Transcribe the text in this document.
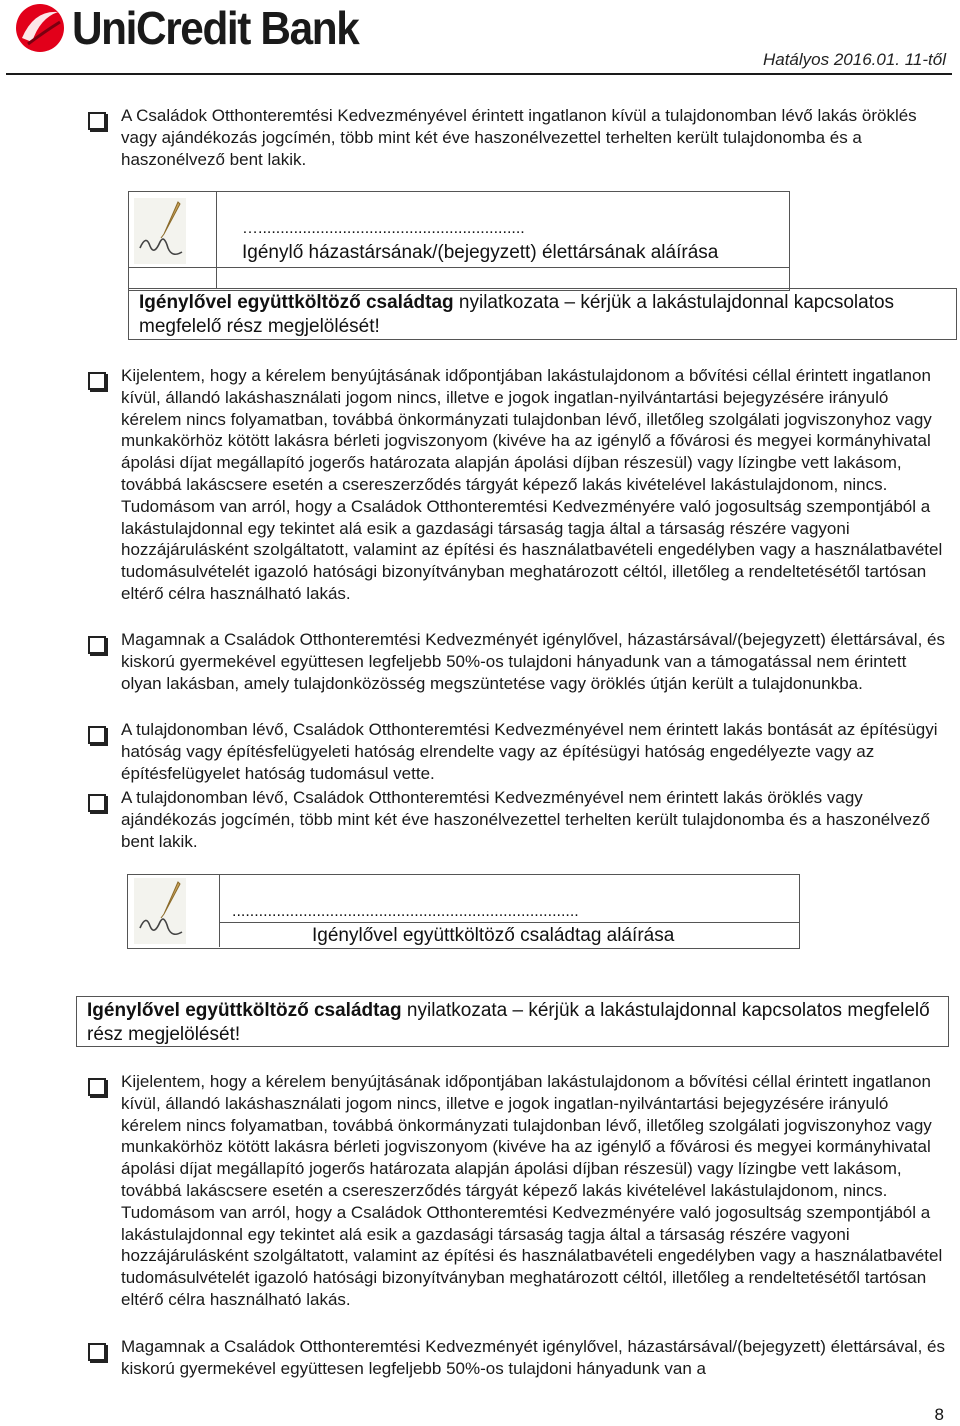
UniCredit Bank
Hatályos 2016.01. 11-től
A Családok Otthonteremtési Kedvezményével érintett ingatlanon kívül a tulajdonomban lévő lakás öröklés vagy ajándékozás jogcímén, több mint két éve haszonélvezettel terhelten került tulajdonomba és a haszonélvező bent lakik.
…............................................................
Igénylő házastársának/(bejegyzett) élettársának aláírása
Igénylővel együttköltöző családtag nyilatkozata – kérjük a lakástulajdonnal kapcsolatos megfelelő rész megjelölését!
Kijelentem, hogy a kérelem benyújtásának időpontjában lakástulajdonom a bővítési céllal érintett ingatlanon kívül, állandó lakáshasználati jogom nincs, illetve e jogok ingatlan-nyilvántartási bejegyzésére irányuló kérelem nincs folyamatban, továbbá önkormányzati tulajdonban lévő, illetőleg szolgálati jogviszonyhoz vagy munkakörhöz kötött lakásra bérleti jogviszonyom (kivéve ha az igénylő a fővárosi és megyei kormányhivatal ápolási díjat megállapító jogerős határozata alapján ápolási díjban részesül) vagy lízingbe vett lakásom, továbbá lakáscsere esetén a csereszerződés tárgyát képező lakás kivételével lakástulajdonom, nincs. Tudomásom van arról, hogy a Családok Otthonteremtési Kedvezményére való jogosultság szempontjából a lakástulajdonnal egy tekintet alá esik a gazdasági társaság tagja által a társaság részére vagyoni hozzájárulásként szolgáltatott, valamint az építési és használatbavételi engedélyben vagy a használatbavétel tudomásulvételét igazoló hatósági bizonyítványban meghatározott céltól, illetőleg a rendeltetésétől tartósan eltérő célra használható lakás.
Magamnak a Családok Otthonteremtési Kedvezményét igénylővel, házastársával/(bejegyzett) élettársával, és kiskorú gyermekével együttesen legfeljebb 50%-os tulajdoni hányadunk van a támogatással nem érintett olyan lakásban, amely tulajdonközösség megszüntetése vagy öröklés útján került a tulajdonunkba.
A tulajdonomban lévő, Családok Otthonteremtési Kedvezményével nem érintett lakás bontását az építésügyi hatóság vagy építésfelügyeleti hatóság elrendelte vagy az építésügyi hatóság engedélyezte vagy az építésfelügyelet hatóság tudomásul vette.
A tulajdonomban lévő, Családok Otthonteremtési Kedvezményével nem érintett lakás öröklés vagy ajándékozás jogcímén, több mint két éve haszonélvezettel terhelten került tulajdonomba és a haszonélvező bent lakik.
..............................................................................
Igénylővel együttköltöző családtag aláírása
Igénylővel együttköltöző családtag nyilatkozata – kérjük a lakástulajdonnal kapcsolatos megfelelő rész megjelölését!
Kijelentem, hogy a kérelem benyújtásának időpontjában lakástulajdonom a bővítési céllal érintett ingatlanon kívül, állandó lakáshasználati jogom nincs, illetve e jogok ingatlan-nyilvántartási bejegyzésére irányuló kérelem nincs folyamatban, továbbá önkormányzati tulajdonban lévő, illetőleg szolgálati jogviszonyhoz vagy munkakörhöz kötött lakásra bérleti jogviszonyom (kivéve ha az igénylő a fővárosi és megyei kormányhivatal ápolási díjat megállapító jogerős határozata alapján ápolási díjban részesül) vagy lízingbe vett lakásom, továbbá lakáscsere esetén a csereszerződés tárgyát képező lakás kivételével lakástulajdonom, nincs. Tudomásom van arról, hogy a Családok Otthonteremtési Kedvezményére való jogosultság szempontjából a lakástulajdonnal egy tekintet alá esik a gazdasági társaság tagja által a társaság részére vagyoni hozzájárulásként szolgáltatott, valamint az építési és használatbavételi engedélyben vagy a használatbavétel tudomásulvételét igazoló hatósági bizonyítványban meghatározott céltól, illetőleg a rendeltetésétől tartósan eltérő célra használható lakás.
Magamnak a Családok Otthonteremtési Kedvezményét igénylővel, házastársával/(bejegyzett) élettársával, és kiskorú gyermekével együttesen legfeljebb 50%-os tulajdoni hányadunk van a
8
